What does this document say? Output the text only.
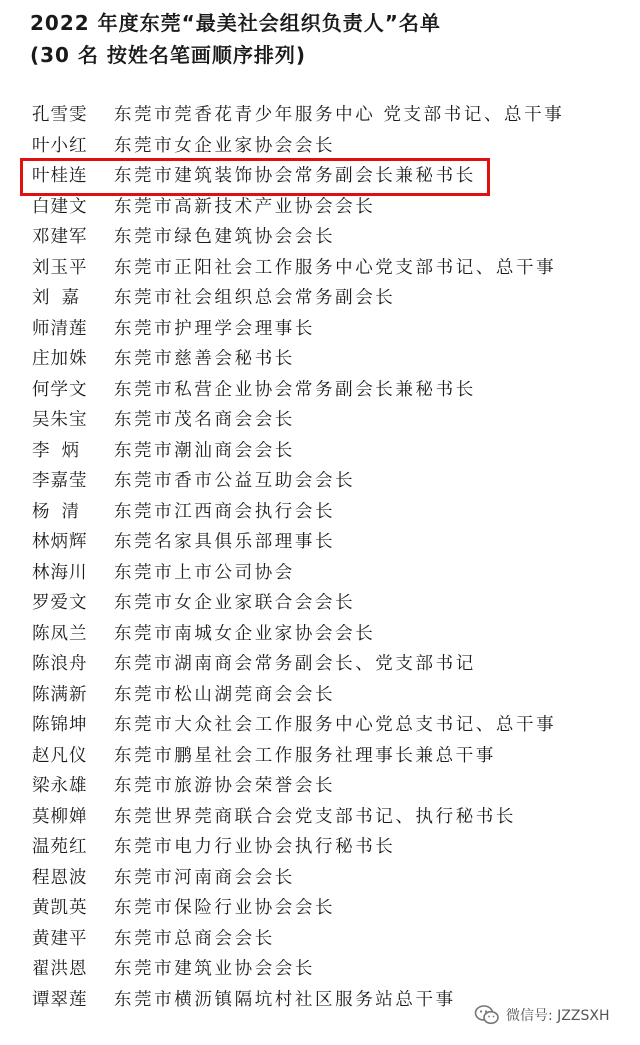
2022 年度东莞“最美社会组织负责人”名单
(30 名 按姓名笔画顺序排列)
孔雪雯 东莞市莞香花青少年服务中心 党支部书记、总干事
叶小红 东莞市女企业家协会会长
叶桂连 东莞市建筑装饰协会常务副会长兼秘书长
白建文 东莞市高新技术产业协会会长
邓建军 东莞市绿色建筑协会会长
刘玉平 东莞市正阳社会工作服务中心党支部书记、总干事
刘嘉 东莞市社会组织总会常务副会长
师清莲 东莞市护理学会理事长
庄加姝 东莞市慈善会秘书长
何学文 东莞市私营企业协会常务副会长兼秘书长
吴朱宝 东莞市茂名商会会长
李炳 东莞市潮汕商会会长
李嘉莹 东莞市香市公益互助会会长
杨清 东莞市江西商会执行会长
林炳辉 东莞名家具俱乐部理事长
林海川 东莞市上市公司协会
罗爱文 东莞市女企业家联合会会长
陈凤兰 东莞市南城女企业家协会会长
陈浪舟 东莞市湖南商会常务副会长、党支部书记
陈满新 东莞市松山湖莞商会会长
陈锦坤 东莞市大众社会工作服务中心党总支书记、总干事
赵凡仪 东莞市鹏星社会工作服务社理事长兼总干事
梁永雄 东莞市旅游协会荣誉会长
莫柳婵 东莞世界莞商联合会党支部书记、执行秘书长
温苑红 东莞市电力行业协会执行秘书长
程恩波 东莞市河南商会会长
黄凯英 东莞市保险行业协会会长
黄建平 东莞市总商会会长
翟洪恩 东莞市建筑业协会会长
谭翠莲 东莞市横沥镇隔坑村社区服务站总干事
微信号: JZZSXH
